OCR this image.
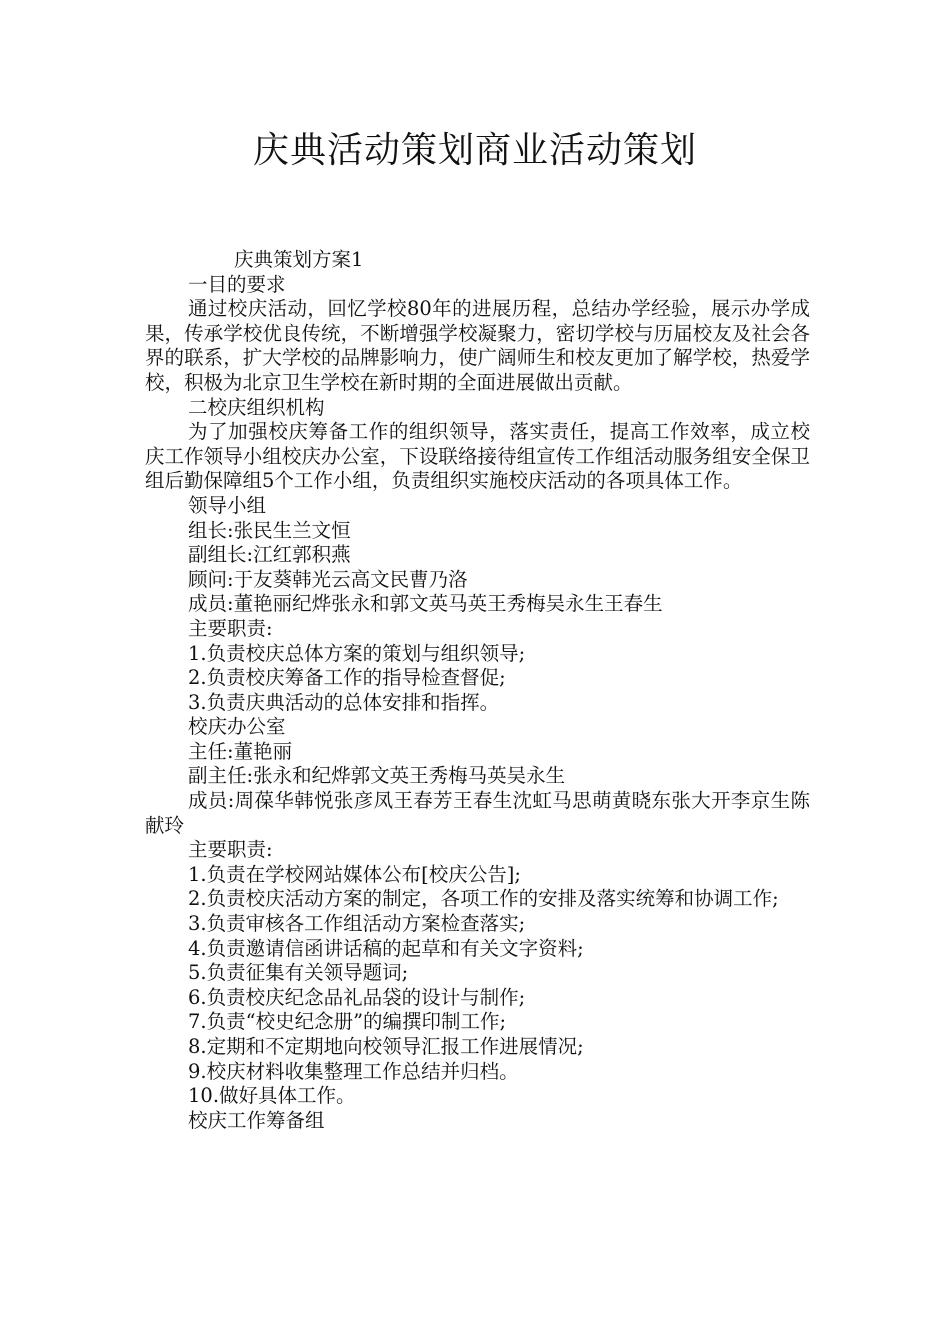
庆典活动策划商业活动策划

庆典策划方案1

一目的要求

通过校庆活动，回忆学校80年的进展历程，总结办学经验，展示办学成果，传承学校优良传统，不断增强学校凝聚力，密切学校与历届校友及社会各界的联系，扩大学校的品牌影响力，使广阔师生和校友更加了解学校，热爱学校，积极为北京卫生学校在新时期的全面进展做出贡献。

二校庆组织机构

为了加强校庆筹备工作的组织领导，落实责任，提高工作效率，成立校庆工作领导小组校庆办公室，下设联络接待组宣传工作组活动服务组安全保卫组后勤保障组5个工作小组，负责组织实施校庆活动的各项具体工作。

领导小组

组长:张民生兰文恒

副组长:江红郭积燕

顾问:于友葵韩光云高文民曹乃洛

成员:董艳丽纪烨张永和郭文英马英王秀梅吴永生王春生

主要职责:

1.负责校庆总体方案的策划与组织领导;

2.负责校庆筹备工作的指导检查督促;

3.负责庆典活动的总体安排和指挥。

校庆办公室

主任:董艳丽

副主任:张永和纪烨郭文英王秀梅马英吴永生

成员:周葆华韩悦张彦凤王春芳王春生沈虹马思萌黄晓东张大开李京生陈献玲

主要职责:

1.负责在学校网站媒体公布[校庆公告];

2.负责校庆活动方案的制定，各项工作的安排及落实统筹和协调工作;

3.负责审核各工作组活动方案检查落实;

4.负责邀请信函讲话稿的起草和有关文字资料;

5.负责征集有关领导题词;

6.负责校庆纪念品礼品袋的设计与制作;

7.负责“校史纪念册”的编撰印制工作;

8.定期和不定期地向校领导汇报工作进展情况;

9.校庆材料收集整理工作总结并归档。

10.做好具体工作。

校庆工作筹备组
